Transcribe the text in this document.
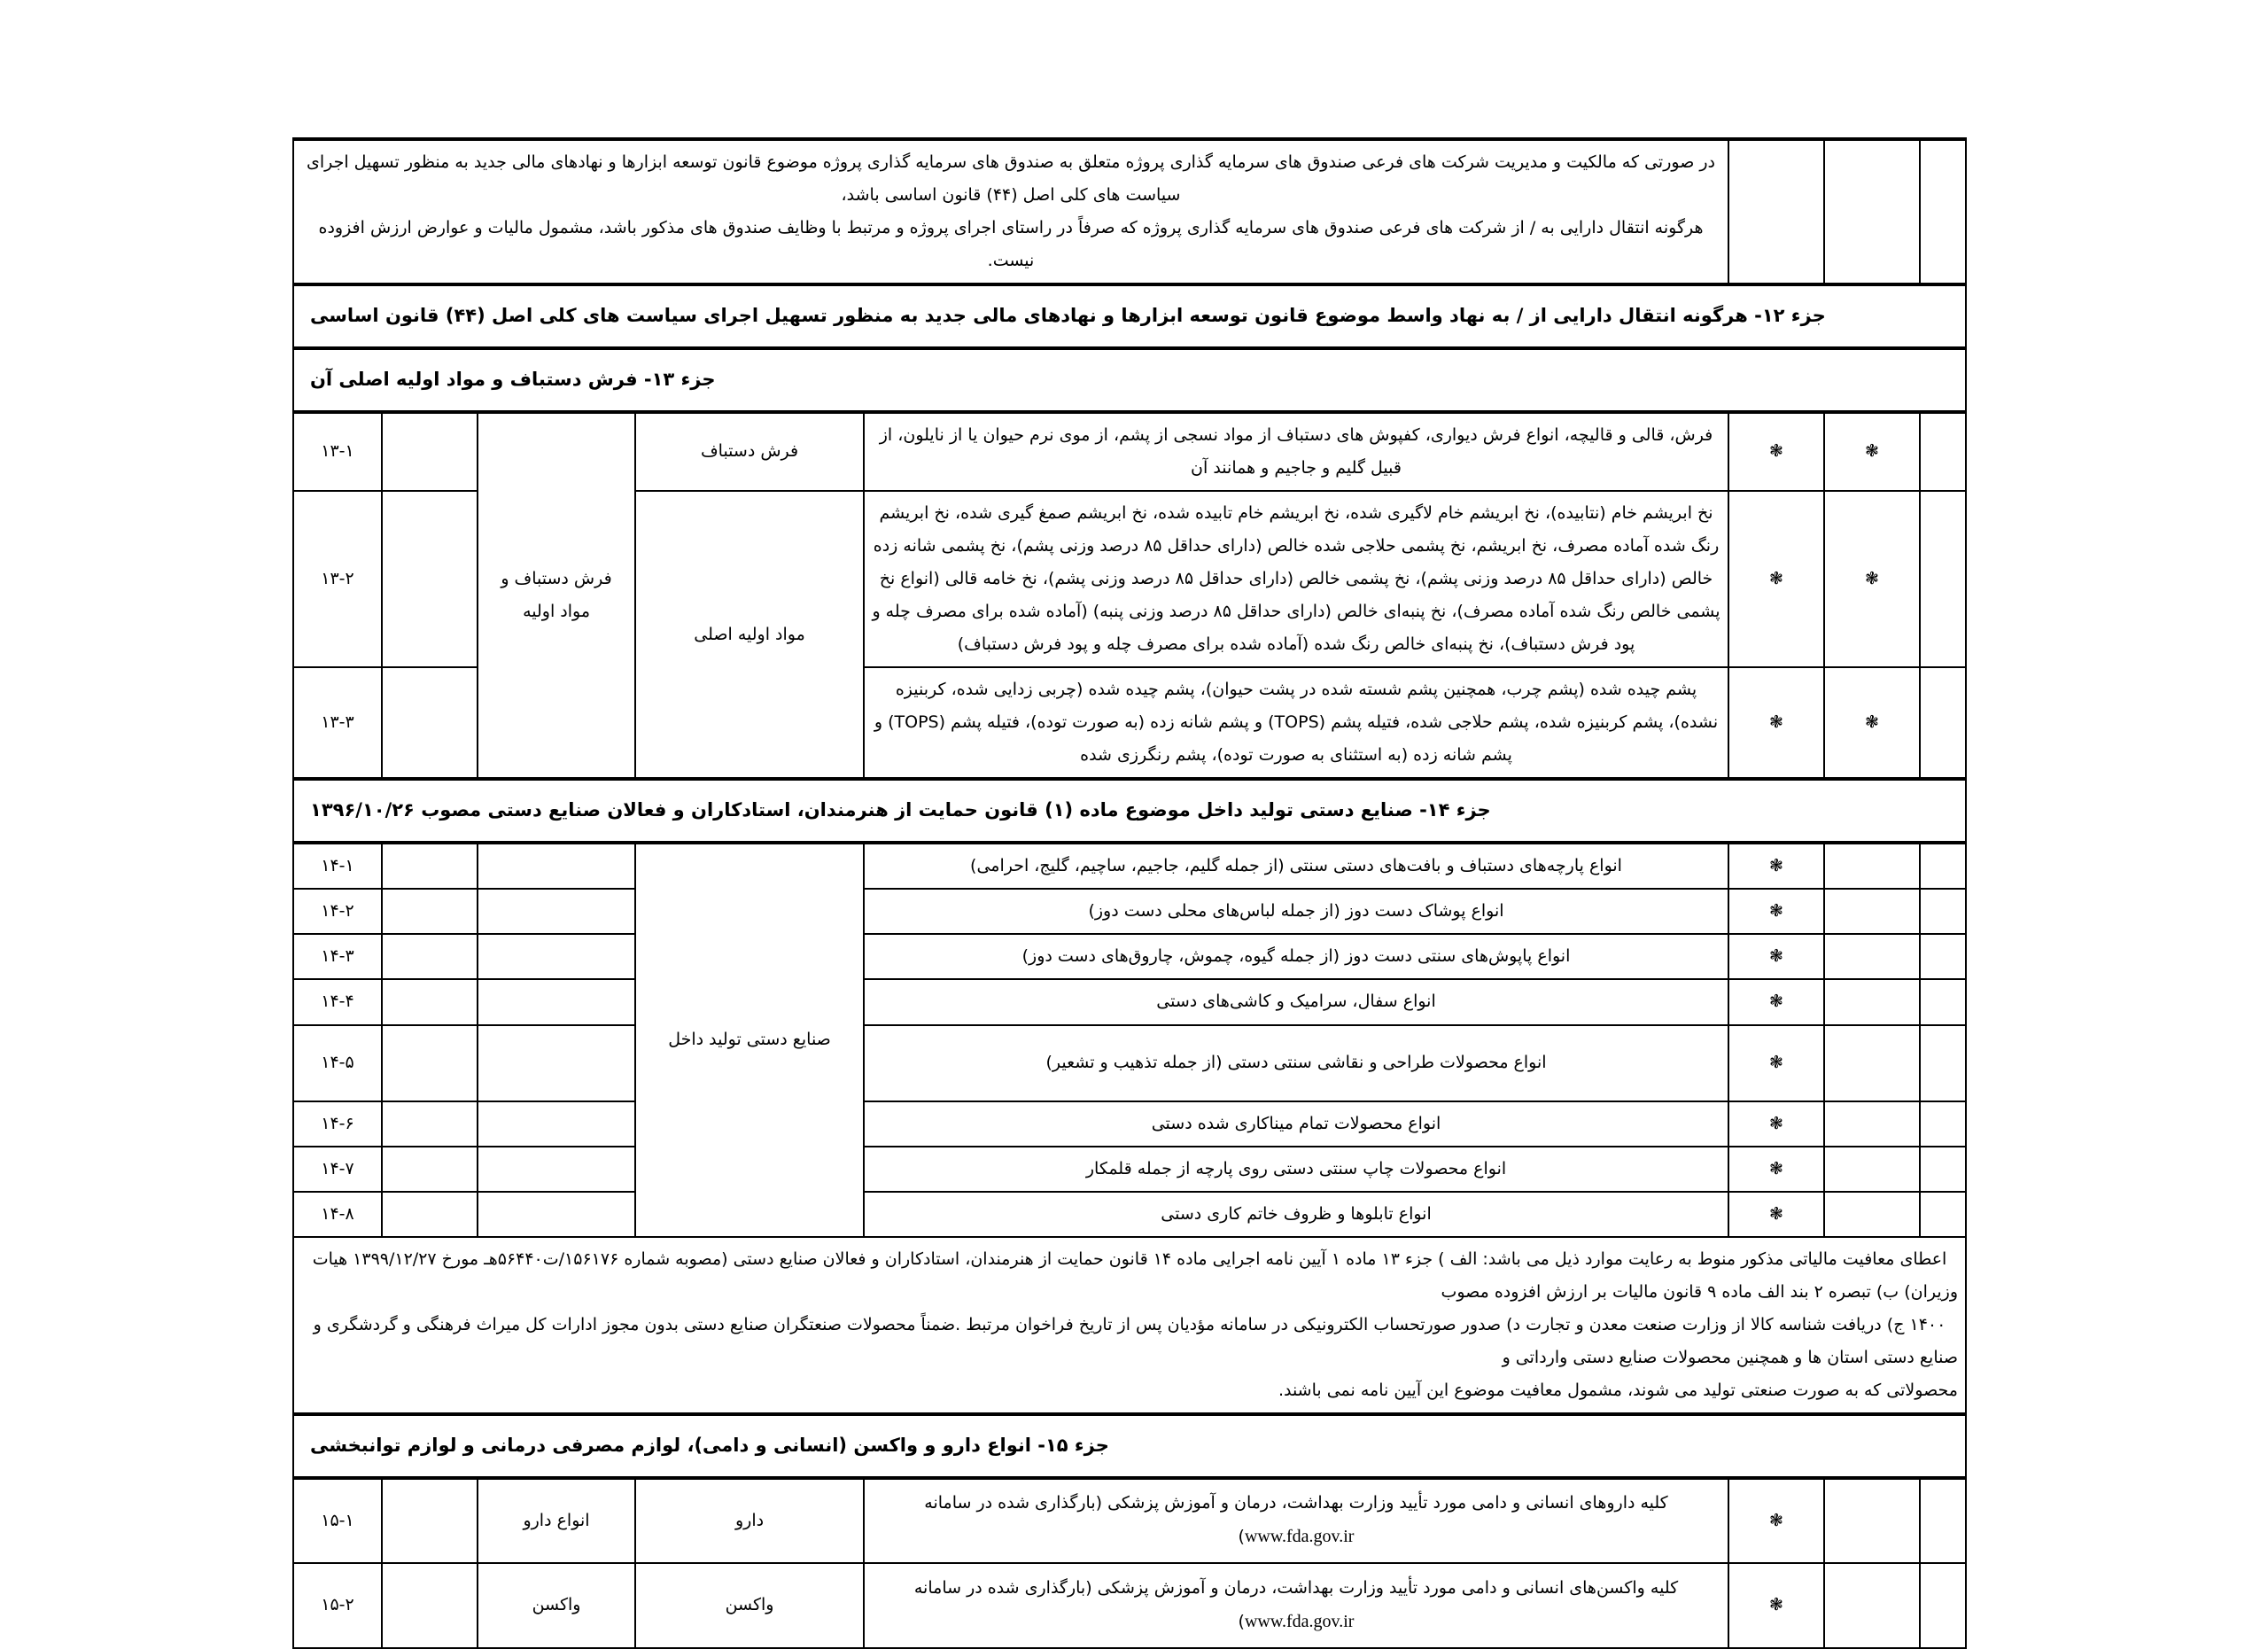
			در صورتی که مالکیت و مدیریت شرکت های فرعی صندوق های سرمایه گذاری پروژه متعلق به صندوق های سرمایه گذاری پروژه موضوع قانون توسعه ابزارها و نهادهای مالی جدید به منظور تسهیل اجرای سیاست های کلی اصل (۴۴) قانون اساسی باشد،

هرگونه انتقال دارایی به / از شرکت های فرعی صندوق های سرمایه گذاری پروژه که صرفاً در راستای اجرای پروژه و مرتبط با وظایف صندوق های مذکور باشد، مشمول مالیات و عوارض ارزش افزوده نیست.				

جزء ۱۲- هرگونه انتقال دارایی از / به نهاد واسط موضوع قانون توسعه ابزارها و نهادهای مالی جدید به منظور تسهیل اجرای سیاست های کلی اصل (۴۴) قانون اساسی							
جزء ۱۳- فرش دستباف و مواد اولیه اصلی آن							
	❃	❃	فرش، قالی و قالیچه، انواع فرش دیواری، کفپوش های دستباف از مواد نسجی از پشم، از موی نرم حیوان یا از نایلون، از قبیل گلیم و جاجیم و همانند آن	فرش دستباف	فرش دستباف و مواد اولیه		۱۳-۱
	❃	❃	نخ ابریشم خام (نتابیده)، نخ ابریشم خام لاگیری شده، نخ ابریشم خام تابیده شده، نخ ابریشم صمغ گیری شده، نخ ابریشم رنگ شده آماده مصرف، نخ ابریشم، نخ پشمی حلاجی شده خالص (دارای حداقل ۸۵ درصد وزنی پشم)، نخ پشمی شانه زده خالص (دارای حداقل ۸۵ درصد وزنی پشم)، نخ پشمی خالص (دارای حداقل ۸۵ درصد وزنی پشم)، نخ خامه قالی (انواع نخ پشمی خالص رنگ شده آماده مصرف)، نخ پنبه‌ای خالص (دارای حداقل ۸۵ درصد وزنی پنبه) (آماده شده برای مصرف چله و پود فرش دستباف)، نخ پنبه‌ای خالص رنگ شده (آماده شده برای مصرف چله و پود فرش دستباف)	مواد اولیه اصلی			۱۳-۲
	❃	❃	پشم چیده شده (پشم چرب، همچنین پشم شسته شده در پشت حیوان)، پشم چیده شده (چربی زدایی شده، کربنیزه نشده)، پشم کربنیزه شده، پشم حلاجی شده، فتیله پشم (TOPS) و پشم شانه زده (به صورت توده)، فتیله پشم (TOPS) و پشم شانه زده (به استثنای به صورت توده)، پشم رنگرزی شده				۱۳-۳
جزء ۱۴- صنایع دستی تولید داخل موضوع ماده (۱) قانون حمایت از هنرمندان، استادکاران و فعالان صنایع دستی مصوب ۱۳۹۶/۱۰/۲۶							
		❃	انواع پارچه‌های دستباف و بافت‌های دستی سنتی (از جمله گلیم، جاجیم، ساچیم، گلیج، احرامی)	صنایع دستی تولید داخل			۱۴-۱
		❃	انواع پوشاک دست دوز (از جمله لباس‌های محلی دست دوز)				۱۴-۲
		❃	انواع پاپوش‌های سنتی دست دوز (از جمله گیوه، چموش، چاروق‌های دست دوز)				۱۴-۳
		❃	انواع سفال، سرامیک و کاشی‌های دستی				۱۴-۴
		❃	انواع محصولات طراحی و نقاشی سنتی دستی (از جمله تذهیب و تشعیر)				۱۴-۵
		❃	انواع محصولات تمام میناکاری شده دستی				۱۴-۶
		❃	انواع محصولات چاپ سنتی دستی روی پارچه از جمله قلمکار				۱۴-۷
		❃	انواع تابلوها و ظروف خاتم کاری دستی				۱۴-۸

اعطای معافیت مالیاتی مذکور منوط به رعایت موارد ذیل می باشد: الف ) جزء ۱۳ ماده ۱ آیین نامه اجرایی ماده ۱۴ قانون حمایت از هنرمندان، استادکاران و فعالان صنایع دستی (مصوبه شماره ۱۵۶۱۷۶/ت۵۶۴۴۰هـ مورخ ۱۳۹۹/۱۲/۲۷ هیات وزیران) ب) تبصره ۲ بند الف ماده ۹ قانون مالیات بر ارزش افزوده مصوب

۱۴۰۰ ج) دریافت شناسه کالا از وزارت صنعت معدن و تجارت د) صدور صورتحساب الکترونیکی در سامانه مؤدیان پس از تاریخ فراخوان مرتبط .ضمناً محصولات صنعتگران صنایع دستی بدون مجوز ادارات کل میراث فرهنگی و گردشگری و صنایع دستی استان ها و همچنین محصولات صنایع دستی وارداتی و

محصولاتی که به صورت صنعتی تولید می شوند، مشمول معافیت موضوع این آیین نامه نمی باشند.							

جزء ۱۵- انواع دارو و واکسن (انسانی و دامی)، لوازم مصرفی درمانی و لوازم توانبخشی							
		❃	کلیه داروهای انسانی و دامی مورد تأیید وزارت بهداشت، درمان و آموزش پزشکی (بارگذاری شده در سامانه www.fda.gov.ir)	دارو	انواع دارو		۱۵-۱
		❃	کلیه واکسن‌های انسانی و دامی مورد تأیید وزارت بهداشت، درمان و آموزش پزشکی (بارگذاری شده در سامانه www.fda.gov.ir)	واکسن	واکسن		۱۵-۲
